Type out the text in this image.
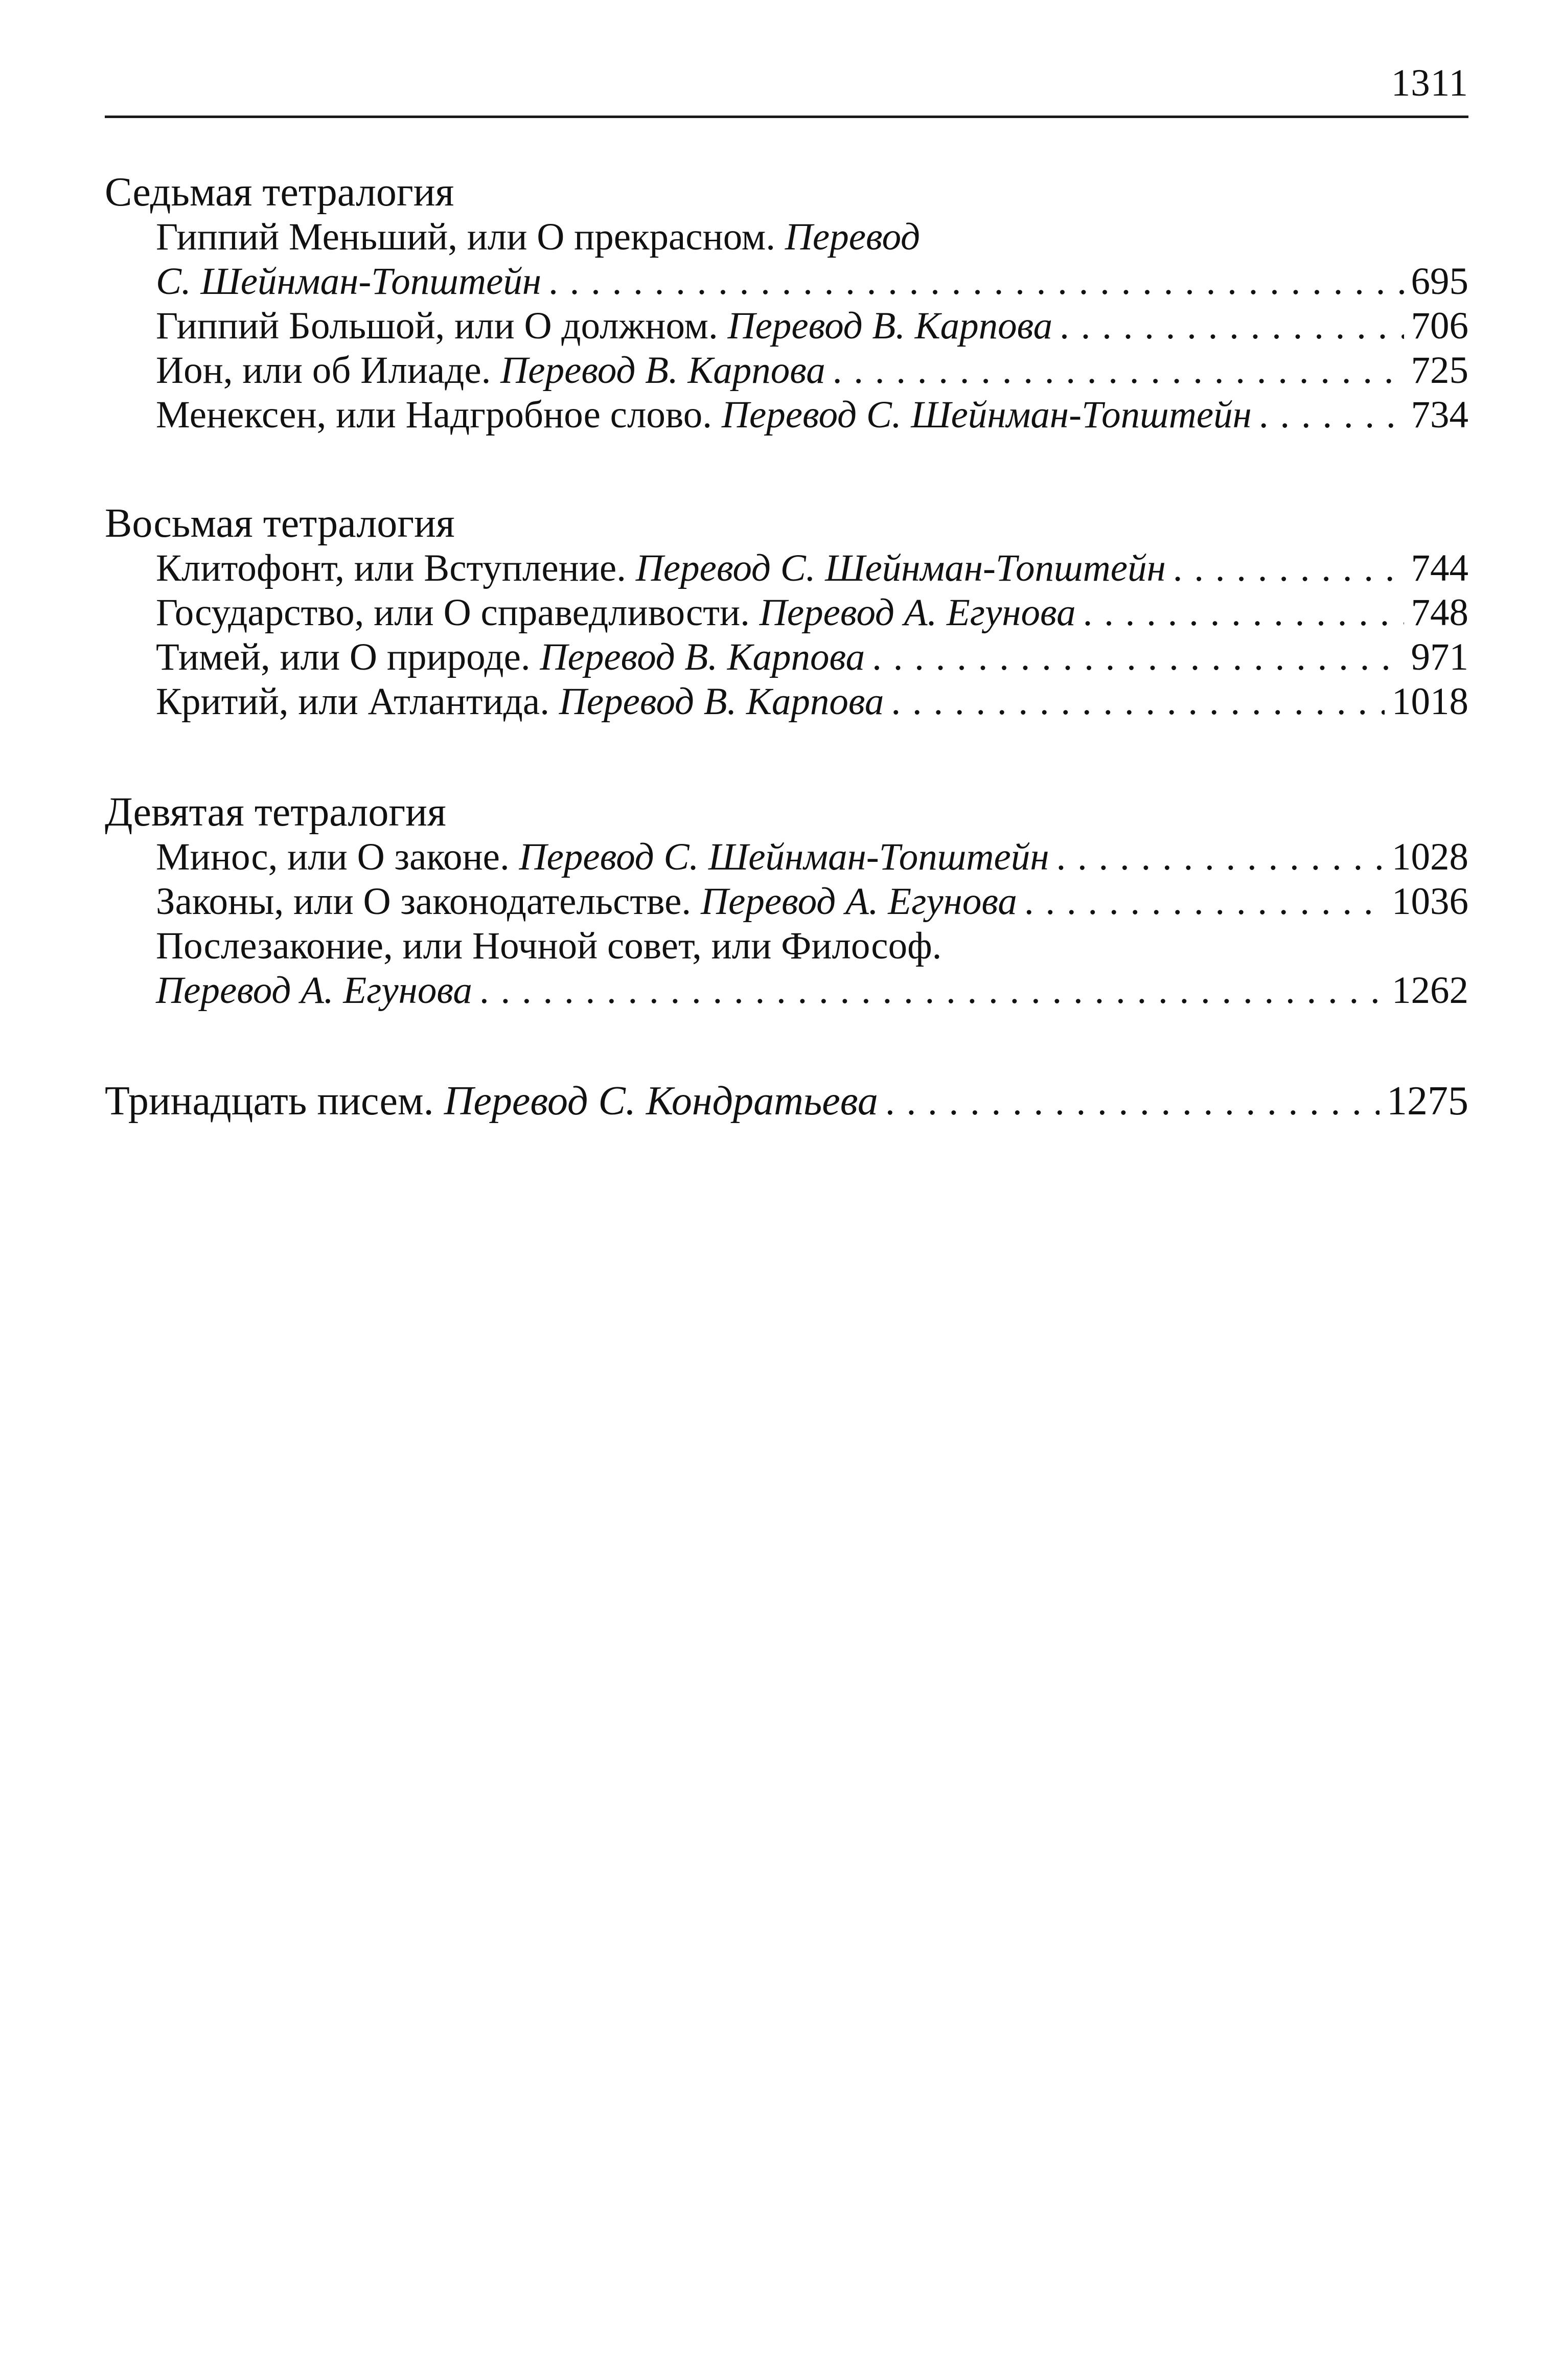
1311
Седьмая тетралогия
Гиппий Меньший, или О прекрасном. Перевод
С. Шейнман-Топштейн . . .	695
Гиппий Большой, или О должном. Перевод В. Карпова . . .	706
Ион, или об Илиаде. Перевод В. Карпова . . .	725
Менексен, или Надгробное слово. Перевод С. Шейнман-Топштейн . . .	734
Восьмая тетралогия
Клитофонт, или Вступление. Перевод С. Шейнман-Топштейн . . .	744
Государство, или О справедливости. Перевод А. Егунова . . .	748
Тимей, или О природе. Перевод В. Карпова . . .	971
Критий, или Атлантида. Перевод В. Карпова . . .	1018
Девятая тетралогия
Минос, или О законе. Перевод С. Шейнман-Топштейн . . .	1028
Законы, или О законодательстве. Перевод А. Егунова . . .	1036
Послезаконие, или Ночной совет, или Философ.
Перевод А. Егунова . . .	1262
Тринадцать писем. Перевод С. Кондратьева . . .	1275
